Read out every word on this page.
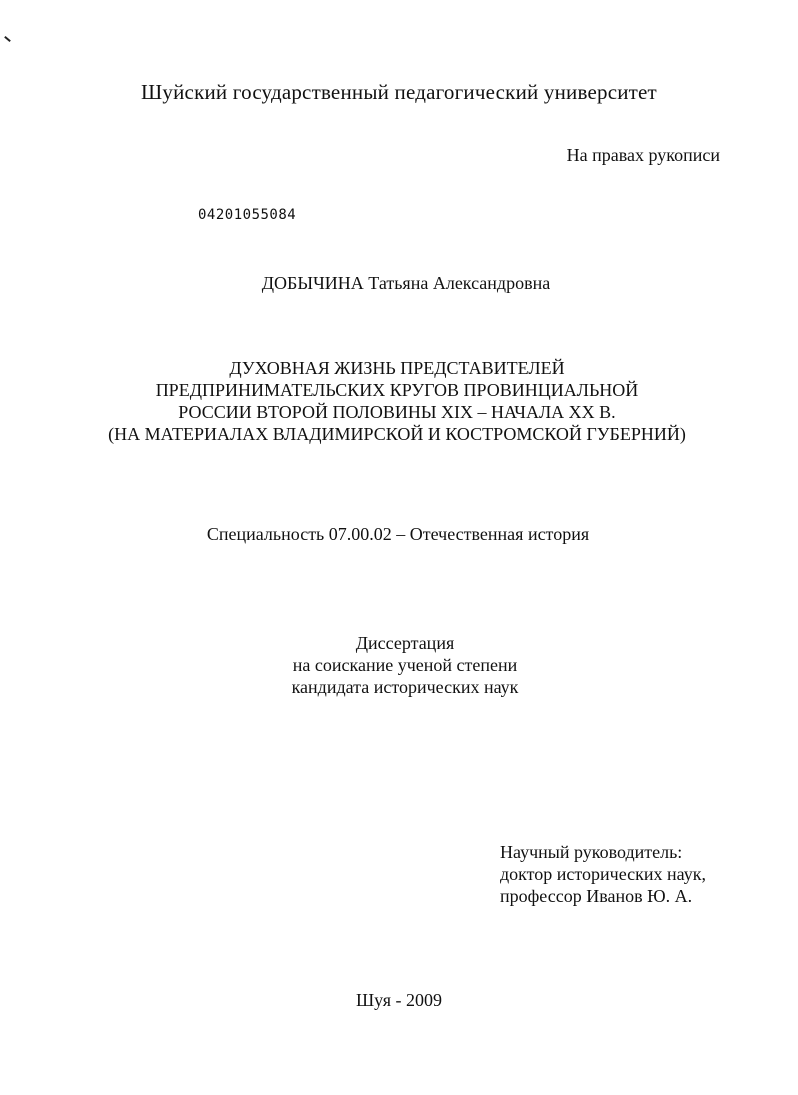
Шуйский государственный педагогический университет
На правах рукописи
04201055084
ДОБЫЧИНА Татьяна Александровна
ДУХОВНАЯ ЖИЗНЬ ПРЕДСТАВИТЕЛЕЙ
ПРЕДПРИНИМАТЕЛЬСКИХ КРУГОВ ПРОВИНЦИАЛЬНОЙ
РОССИИ ВТОРОЙ ПОЛОВИНЫ XIX – НАЧАЛА XX В.
(НА МАТЕРИАЛАХ ВЛАДИМИРСКОЙ И КОСТРОМСКОЙ ГУБЕРНИЙ)
Специальность 07.00.02 – Отечественная история
Диссертация
на соискание ученой степени
кандидата исторических наук
Научный руководитель:
доктор исторических наук,
профессор Иванов Ю. А.
Шуя - 2009
